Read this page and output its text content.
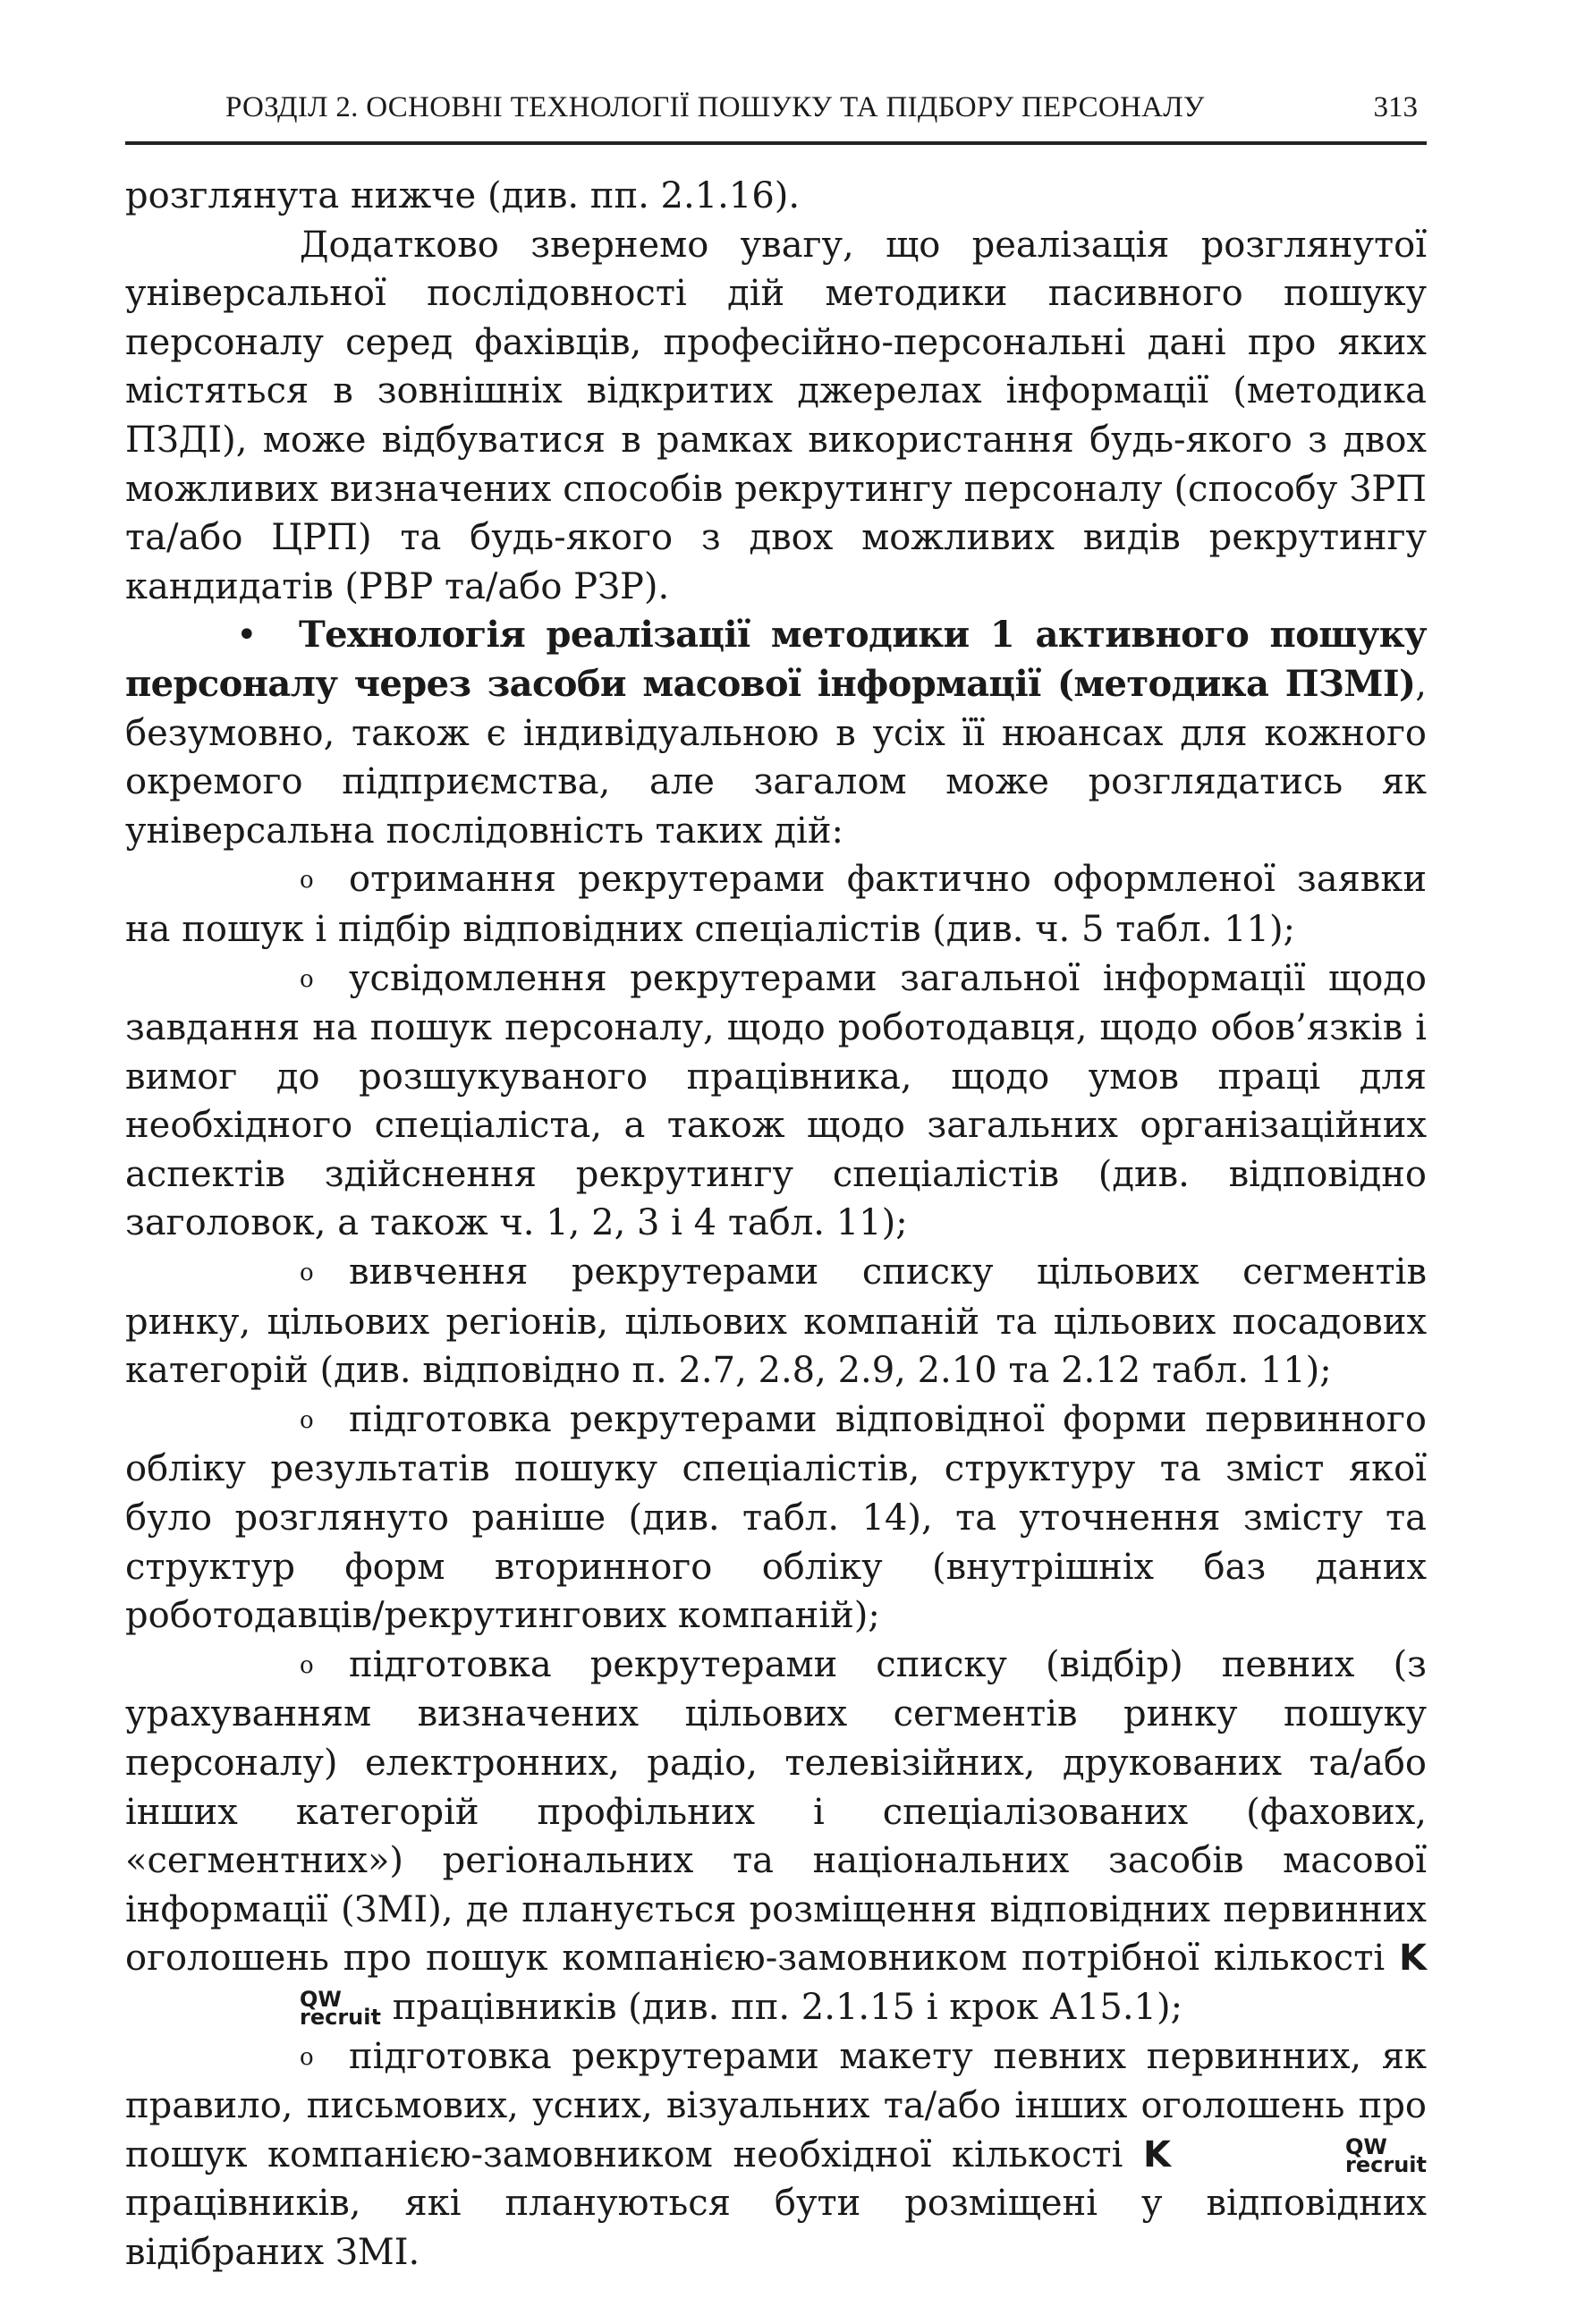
РОЗДІЛ 2. ОСНОВНІ ТЕХНОЛОГІЇ ПОШУКУ ТА ПІДБОРУ ПЕРСОНАЛУ	313

розглянута нижче (див. пп. 2.1.16).

Додатково звернемо увагу, що реалізація розглянутої універсальної послідовності дій методики пасивного пошуку персоналу серед фахівців, професійно-персональні дані про яких містяться в зовнішніх відкритих джерелах інформації (методика ПЗДІ), може відбуватися в рамках використання будь-якого з двох можливих визначених способів рекрутингу персоналу (способу ЗРП та/або ЦРП) та будь-якого з двох можливих видів рекрутингу кандидатів (РВР та/або РЗР).

• Технологія реалізації методики 1 активного пошуку персоналу через засоби масової інформації (методика ПЗМІ), безумовно, також є індивідуальною в усіх її нюансах для кожного окремого підприємства, але загалом може розглядатись як універсальна послідовність таких дій:

o отримання рекрутерами фактично оформленої заявки на пошук і підбір відповідних спеціалістів (див. ч. 5 табл. 11);

o усвідомлення рекрутерами загальної інформації щодо завдання на пошук персоналу, щодо роботодавця, щодо обов’язків і вимог до розшукуваного працівника, щодо умов праці для необхідного спеціаліста, а також щодо загальних організаційних аспектів здійснення рекрутингу спеціалістів (див. відповідно заголовок, а також ч. 1, 2, 3 і 4 табл. 11);

o вивчення рекрутерами списку цільових сегментів ринку, цільових регіонів, цільових компаній та цільових посадових категорій (див. відповідно п. 2.7, 2.8, 2.9, 2.10 та 2.12 табл. 11);

o підготовка рекрутерами відповідної форми первинного обліку результатів пошуку спеціалістів, структуру та зміст якої було розглянуто раніше (див. табл. 14), та уточнення змісту та структур форм вторинного обліку (внутрішніх баз даних роботодавців/рекрутингових компаній);

o підготовка рекрутерами списку (відбір) певних (з урахуванням визначених цільових сегментів ринку пошуку персоналу) електронних, радіо, телевізійних, друкованих та/або інших категорій профільних і спеціалізованих (фахових, «сегментних») регіональних та національних засобів масової інформації (ЗМІ), де планується розміщення відповідних первинних оголошень про пошук компанією-замовником потрібної кількості K
QW
recruit працівників (див. пп. 2.1.15 і крок А15.1);

o підготовка рекрутерами макету певних первинних, як правило, письмових, усних, візуальних та/або інших оголошень про пошук компанією-замовником необхідної кількості K	QW
recruit
працівників, які плануються бути розміщені у відповідних відібраних ЗМІ.
